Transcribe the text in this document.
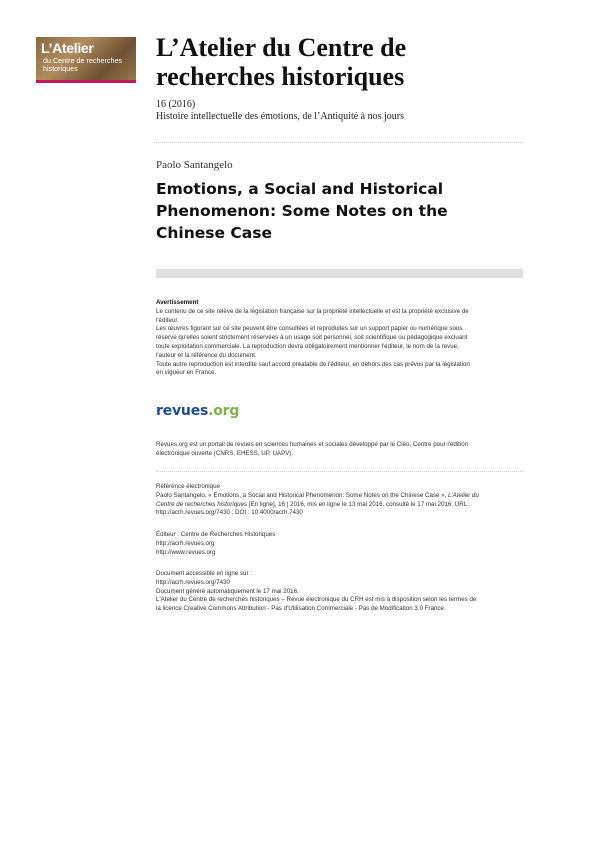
L’Atelier
du Centre de recherches
historiques
L’Atelier du Centre de
recherches historiques
16 (2016)
Histoire intellectuelle des émotions, de l’Antiquité à nos jours
Paolo Santangelo
Emotions, a Social and Historical
Phenomenon: Some Notes on the
Chinese Case
Avertissement
Le contenu de ce site relève de la législation française sur la propriété intellectuelle et est la propriété exclusive de
l'éditeur.
Les œuvres figurant sur ce site peuvent être consultées et reproduites sur un support papier ou numérique sous
réserve qu'elles soient strictement réservées à un usage soit personnel, soit scientifique ou pédagogique excluant
toute exploitation commerciale. La reproduction devra obligatoirement mentionner l'éditeur, le nom de la revue,
l'auteur et la référence du document.
Toute autre reproduction est interdite sauf accord préalable de l'éditeur, en dehors des cas prévus par la législation
en vigueur en France.
revues.org
Revues.org est un portail de revues en sciences humaines et sociales développé par le Cléo, Centre pour l'édition
électronique ouverte (CNRS, EHESS, UP, UAPV).
Référence électronique
Paolo Santangelo, « Emotions, a Social and Historical Phenomenon: Some Notes on the Chinese Case », L'Atelier du
Centre de recherches historiques [En ligne], 16 | 2016, mis en ligne le 13 mai 2016, consulté le 17 mai 2016. URL :
http://acrh.revues.org/7430 ; DOI : 10.4000/acrh.7430
Éditeur : Centre de Recherches Historiques
http://acrh.revues.org
http://www.revues.org
Document accessible en ligne sur :
http://acrh.revues.org/7430
Document généré automatiquement le 17 mai 2016.
L'Atelier du Centre de recherches historiques – Revue électronique du CRH est mis à disposition selon les termes de
la licence Creative Commons Attribution - Pas d'Utilisation Commerciale - Pas de Modification 3.0 France.
